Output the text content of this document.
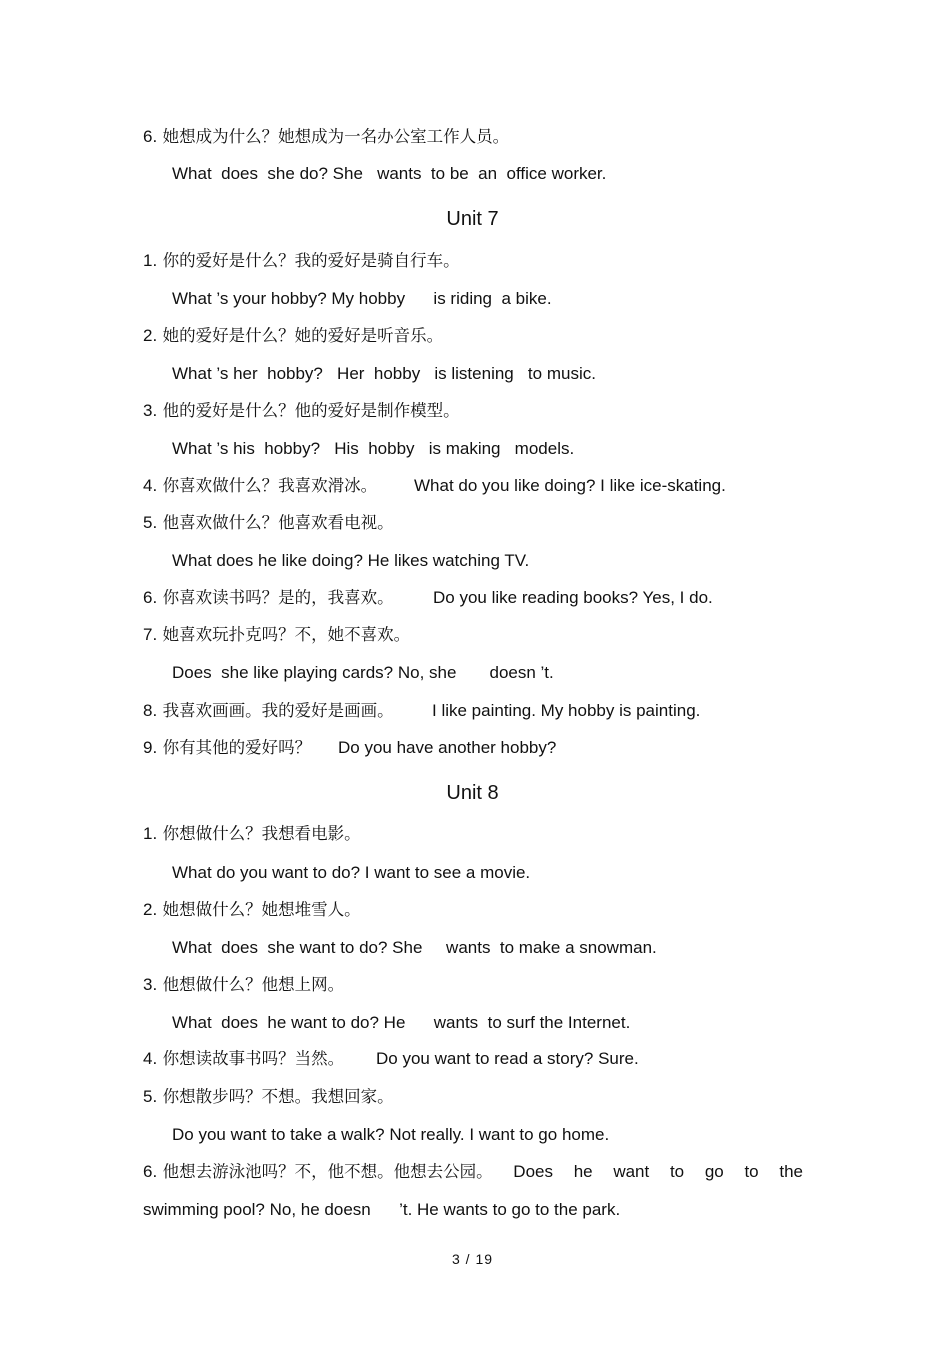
6. 她想成为什么？她想成为一名办公室工作人员。
What  does  she do? She   wants  to be  an  office worker.
Unit 7
1. 你的爱好是什么？我的爱好是骑自行车。
What ’s your hobby? My hobby      is riding  a bike.
2. 她的爱好是什么？她的爱好是听音乐。
What ’s her  hobby?   Her  hobby   is listening   to music.
3. 他的爱好是什么？他的爱好是制作模型。
What ’s his  hobby?   His  hobby   is making   models.
4. 你喜欢做什么？我喜欢滑冰。 What do you like doing? I like ice-skating.
5. 他喜欢做什么？他喜欢看电视。
What does he like doing? He likes watching TV.
6. 你喜欢读书吗？是的，我喜欢。 Do you like reading books? Yes, I do.
7. 她喜欢玩扑克吗？不，她不喜欢。
Does  she like playing cards? No, she       doesn ’t.
8. 我喜欢画画。我的爱好是画画。 I like painting. My hobby is painting.
9. 你有其他的爱好吗？ Do you have another hobby?
Unit 8
1. 你想做什么？我想看电影。
What do you want to do? I want to see a movie.
2. 她想做什么？她想堆雪人。
What  does  she want to do? She     wants  to make a snowman.
3. 他想做什么？他想上网。
What  does  he want to do? He      wants  to surf the Internet.
4. 你想读故事书吗？当然。 Do you want to read a story? Sure.
5. 你想散步吗？不想。我想回家。
Do you want to take a walk? Not really. I want to go home.
6. 他想去游泳池吗？不，他不想。他想去公园。 Does he want to go to the
swimming pool? No, he doesn      ’t. He wants to go to the park.
3 / 19
